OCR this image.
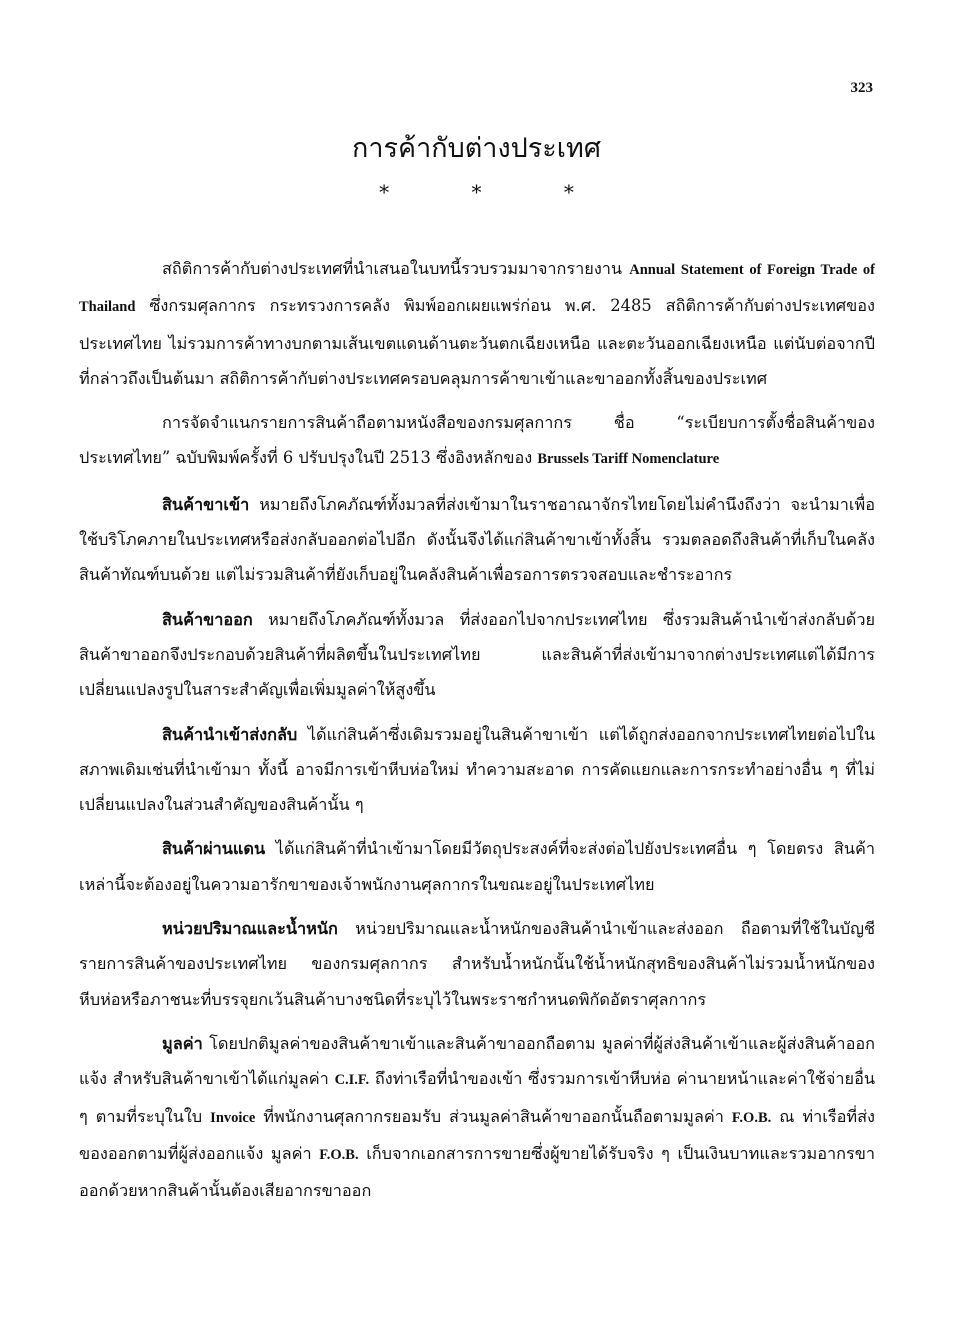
323
การค้ากับต่างประเทศ
* * *

สถิติการค้ากับต่างประเทศที่นำเสนอในบทนี้รวบรวมมาจากรายงาน Annual Statement of Foreign Trade of Thailand ซึ่งกรมศุลกากร กระทรวงการคลัง พิมพ์ออกเผยแพร่ก่อน พ.ศ. 2485 สถิติการค้ากับต่างประเทศของประเทศไทย ไม่รวมการค้าทางบกตามเส้นเขตแดนด้านตะวันตกเฉียงเหนือ และตะวันออกเฉียงเหนือ แต่นับต่อจากปีที่กล่าวถึงเป็นต้นมา สถิติการค้ากับต่างประเทศครอบคลุมการค้าขาเข้าและขาออกทั้งสิ้นของประเทศ

การจัดจำแนกรายการสินค้าถือตามหนังสือของกรมศุลกากร ชื่อ “ระเบียบการตั้งชื่อสินค้าของประเทศไทย” ฉบับพิมพ์ครั้งที่ 6 ปรับปรุงในปี 2513 ซึ่งอิงหลักของ Brussels Tariff Nomenclature

สินค้าขาเข้า หมายถึงโภคภัณฑ์ทั้งมวลที่ส่งเข้ามาในราชอาณาจักรไทยโดยไม่คำนึงถึงว่า จะนำมาเพื่อใช้บริโภคภายในประเทศหรือส่งกลับออกต่อไปอีก ดังนั้นจึงได้แก่สินค้าขาเข้าทั้งสิ้น รวมตลอดถึงสินค้าที่เก็บในคลังสินค้าทัณฑ์บนด้วย แต่ไม่รวมสินค้าที่ยังเก็บอยู่ในคลังสินค้าเพื่อรอการตรวจสอบและชำระอากร

สินค้าขาออก หมายถึงโภคภัณฑ์ทั้งมวล ที่ส่งออกไปจากประเทศไทย ซึ่งรวมสินค้านำเข้าส่งกลับด้วย สินค้าขาออกจึงประกอบด้วยสินค้าที่ผลิตขึ้นในประเทศไทย และสินค้าที่ส่งเข้ามาจากต่างประเทศแต่ได้มีการเปลี่ยนแปลงรูปในสาระสำคัญเพื่อเพิ่มมูลค่าให้สูงขึ้น

สินค้านำเข้าส่งกลับ ได้แก่สินค้าซึ่งเดิมรวมอยู่ในสินค้าขาเข้า แต่ได้ถูกส่งออกจากประเทศไทยต่อไปในสภาพเดิมเช่นที่นำเข้ามา ทั้งนี้ อาจมีการเข้าหีบห่อใหม่ ทำความสะอาด การคัดแยกและการกระทำอย่างอื่น ๆ ที่ไม่เปลี่ยนแปลงในส่วนสำคัญของสินค้านั้น ๆ

สินค้าผ่านแดน ได้แก่สินค้าที่นำเข้ามาโดยมีวัตถุประสงค์ที่จะส่งต่อไปยังประเทศอื่น ๆ โดยตรง สินค้าเหล่านี้จะต้องอยู่ในความอารักขาของเจ้าพนักงานศุลกากรในขณะอยู่ในประเทศไทย

หน่วยปริมาณและน้ำหนัก หน่วยปริมาณและน้ำหนักของสินค้านำเข้าและส่งออก ถือตามที่ใช้ในบัญชีรายการสินค้าของประเทศไทย ของกรมศุลกากร สำหรับน้ำหนักนั้นใช้น้ำหนักสุทธิของสินค้าไม่รวมน้ำหนักของหีบห่อหรือภาชนะที่บรรจุยกเว้นสินค้าบางชนิดที่ระบุไว้ในพระราชกำหนดพิกัดอัตราศุลกากร

มูลค่า โดยปกติมูลค่าของสินค้าขาเข้าและสินค้าขาออกถือตาม มูลค่าที่ผู้ส่งสินค้าเข้าและผู้ส่งสินค้าออกแจ้ง สำหรับสินค้าขาเข้าได้แก่มูลค่า C.I.F. ถึงท่าเรือที่นำของเข้า ซึ่งรวมการเข้าหีบห่อ ค่านายหน้าและค่าใช้จ่ายอื่น ๆ ตามที่ระบุในใบ Invoice ที่พนักงานศุลกากรยอมรับ ส่วนมูลค่าสินค้าขาออกนั้นถือตามมูลค่า F.O.B. ณ ท่าเรือที่ส่งของออกตามที่ผู้ส่งออกแจ้ง มูลค่า F.O.B. เก็บจากเอกสารการขายซึ่งผู้ขายได้รับจริง ๆ เป็นเงินบาทและรวมอากรขาออกด้วยหากสินค้านั้นต้องเสียอากรขาออก
